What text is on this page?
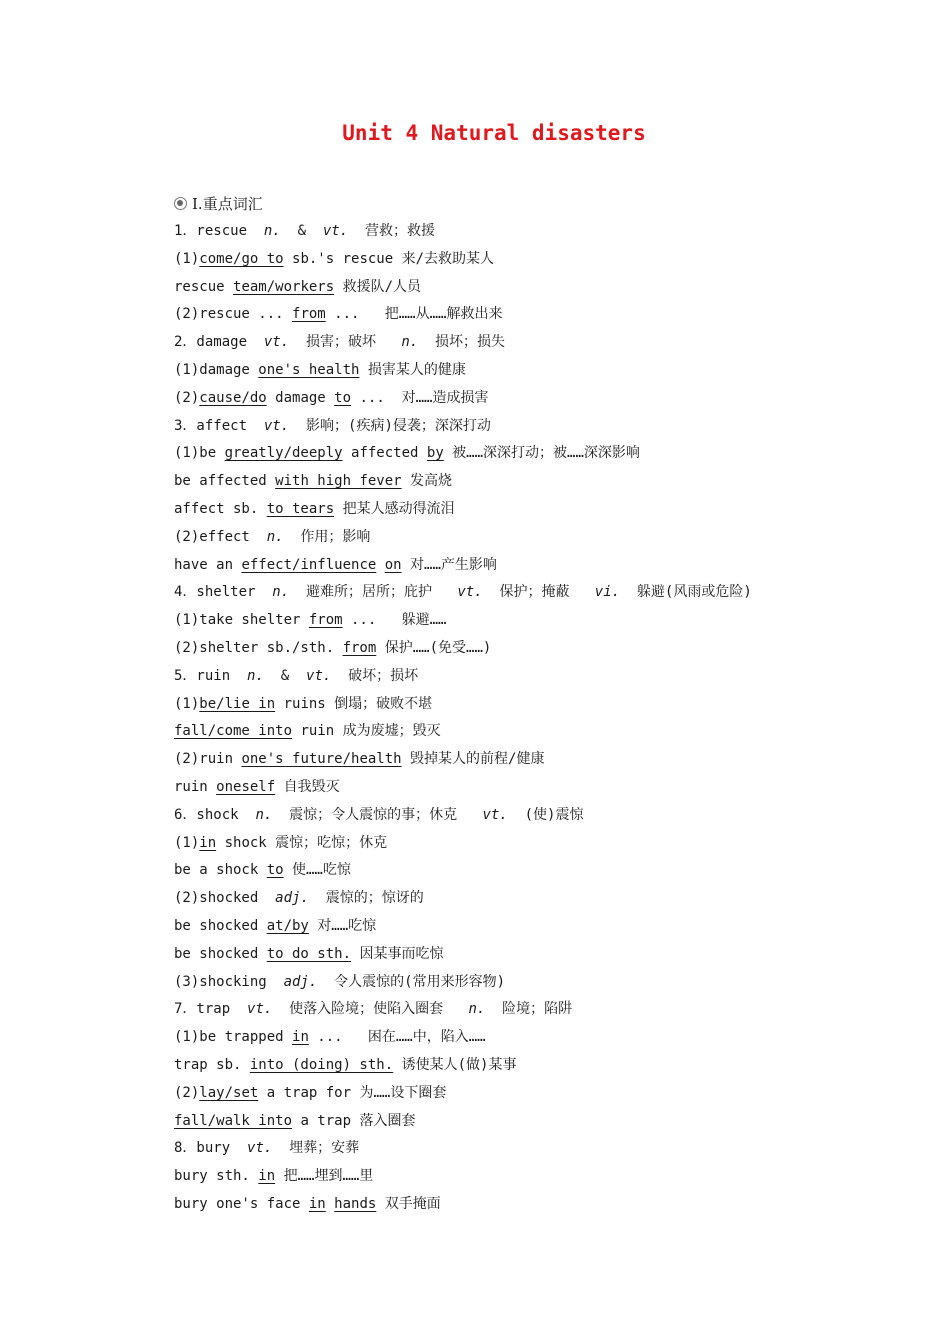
Unit 4 Natural disasters
Ⅰ.重点词汇
1．rescue  n.  &  vt.  营救；救援
(1)come/go to sb.'s rescue 来/去救助某人
rescue team/workers 救援队/人员
(2)rescue ... from ...   把……从……解救出来
2．damage  vt.  损害；破坏   n.  损坏；损失
(1)damage one's health 损害某人的健康
(2)cause/do damage to ...  对……造成损害
3．affect  vt.  影响；(疾病)侵袭；深深打动
(1)be greatly/deeply affected by 被……深深打动；被……深深影响
be affected with high fever 发高烧
affect sb. to tears 把某人感动得流泪
(2)effect  n.  作用；影响
have an effect/influence on 对……产生影响
4．shelter  n.  避难所；居所；庇护   vt.  保护；掩蔽   vi.  躲避(风雨或危险)
(1)take shelter from ...   躲避……
(2)shelter sb./sth. from 保护……(免受……)
5．ruin  n.  &  vt.  破坏；损坏
(1)be/lie in ruins 倒塌；破败不堪
fall/come into ruin 成为废墟；毁灭
(2)ruin one's future/health 毁掉某人的前程/健康
ruin oneself 自我毁灭
6．shock  n.  震惊；令人震惊的事；休克   vt.  (使)震惊
(1)in shock 震惊；吃惊；休克
be a shock to 使……吃惊
(2)shocked  adj.  震惊的；惊讶的
be shocked at/by 对……吃惊
be shocked to do sth. 因某事而吃惊
(3)shocking  adj.  令人震惊的(常用来形容物)
7．trap  vt.  使落入险境；使陷入圈套   n.  险境；陷阱
(1)be trapped in ...   困在……中，陷入……
trap sb. into (doing) sth. 诱使某人(做)某事
(2)lay/set a trap for 为……设下圈套
fall/walk into a trap 落入圈套
8．bury  vt.  埋葬；安葬
bury sth. in 把……埋到……里
bury one's face in hands 双手掩面
